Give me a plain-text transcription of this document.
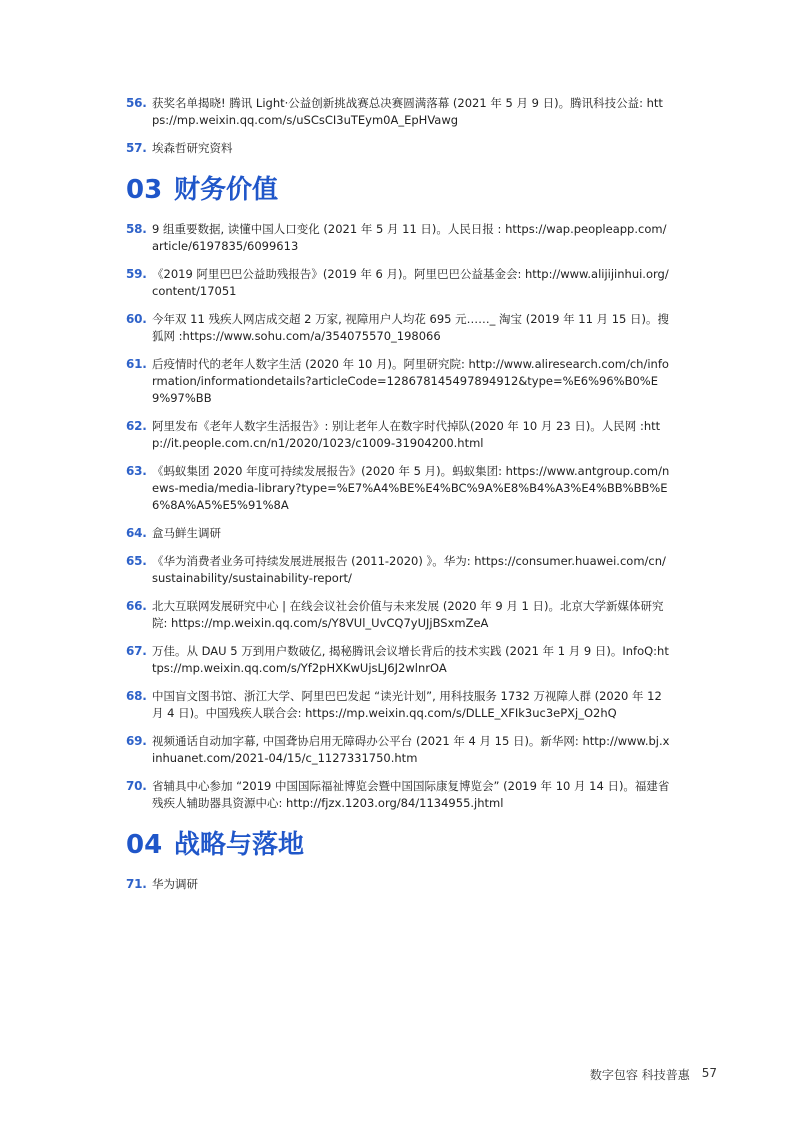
56. 获奖名单揭晓! 腾讯 Light·公益创新挑战赛总决赛圆满落幕 (2021 年 5 月 9 日)。腾讯科技公益: https://mp.weixin.qq.com/s/uSCsCI3uTEym0A_EpHVawg
57. 埃森哲研究资料
03 财务价值
58. 9 组重要数据, 读懂中国人口变化 (2021 年 5 月 11 日)。人民日报 : https://wap.peopleapp.com/article/6197835/6099613
59. 《2019 阿里巴巴公益助残报告》(2019 年 6 月)。阿里巴巴公益基金会: http://www.alijijinhui.org/content/17051
60. 今年双 11 残疾人网店成交超 2 万家, 视障用户人均花 695 元……_ 淘宝 (2019 年 11 月 15 日)。搜狐网 :https://www.sohu.com/a/354075570_198066
61. 后疫情时代的老年人数字生活 (2020 年 10 月)。阿里研究院: http://www.aliresearch.com/ch/information/informationdetails?articleCode=128678145497894912&type=%E6%96%B0%E9%97%BB
62. 阿里发布《老年人数字生活报告》: 别让老年人在数字时代掉队(2020 年 10 月 23 日)。人民网 :http://it.people.com.cn/n1/2020/1023/c1009-31904200.html
63. 《蚂蚁集团 2020 年度可持续发展报告》(2020 年 5 月)。蚂蚁集团: https://www.antgroup.com/news-media/media-library?type=%E7%A4%BE%E4%BC%9A%E8%B4%A3%E4%BB%BB%E6%8A%A5%E5%91%8A
64. 盒马鲜生调研
65. 《华为消费者业务可持续发展进展报告 (2011-2020) 》。华为: https://consumer.huawei.com/cn/sustainability/sustainability-report/
66. 北大互联网发展研究中心 | 在线会议社会价值与未来发展 (2020 年 9 月 1 日)。北京大学新媒体研究院: https://mp.weixin.qq.com/s/Y8VUl_UvCQ7yUJjBSxmZeA
67. 万佳。从 DAU 5 万到用户数破亿, 揭秘腾讯会议增长背后的技术实践 (2021 年 1 月 9 日)。InfoQ:https://mp.weixin.qq.com/s/Yf2pHXKwUjsLJ6J2wlnrOA
68. 中国盲文图书馆、浙江大学、阿里巴巴发起 “读光计划”, 用科技服务 1732 万视障人群 (2020 年 12 月 4 日)。中国残疾人联合会: https://mp.weixin.qq.com/s/DLLE_XFIk3uc3ePXj_O2hQ
69. 视频通话自动加字幕, 中国聋协启用无障碍办公平台 (2021 年 4 月 15 日)。新华网: http://www.bj.xinhuanet.com/2021-04/15/c_1127331750.htm
70. 省辅具中心参加 “2019 中国国际福祉博览会暨中国国际康复博览会” (2019 年 10 月 14 日)。福建省残疾人辅助器具资源中心: http://fjzx.1203.org/84/1134955.jhtml
04 战略与落地
71. 华为调研
数字包容 科技普惠 57
